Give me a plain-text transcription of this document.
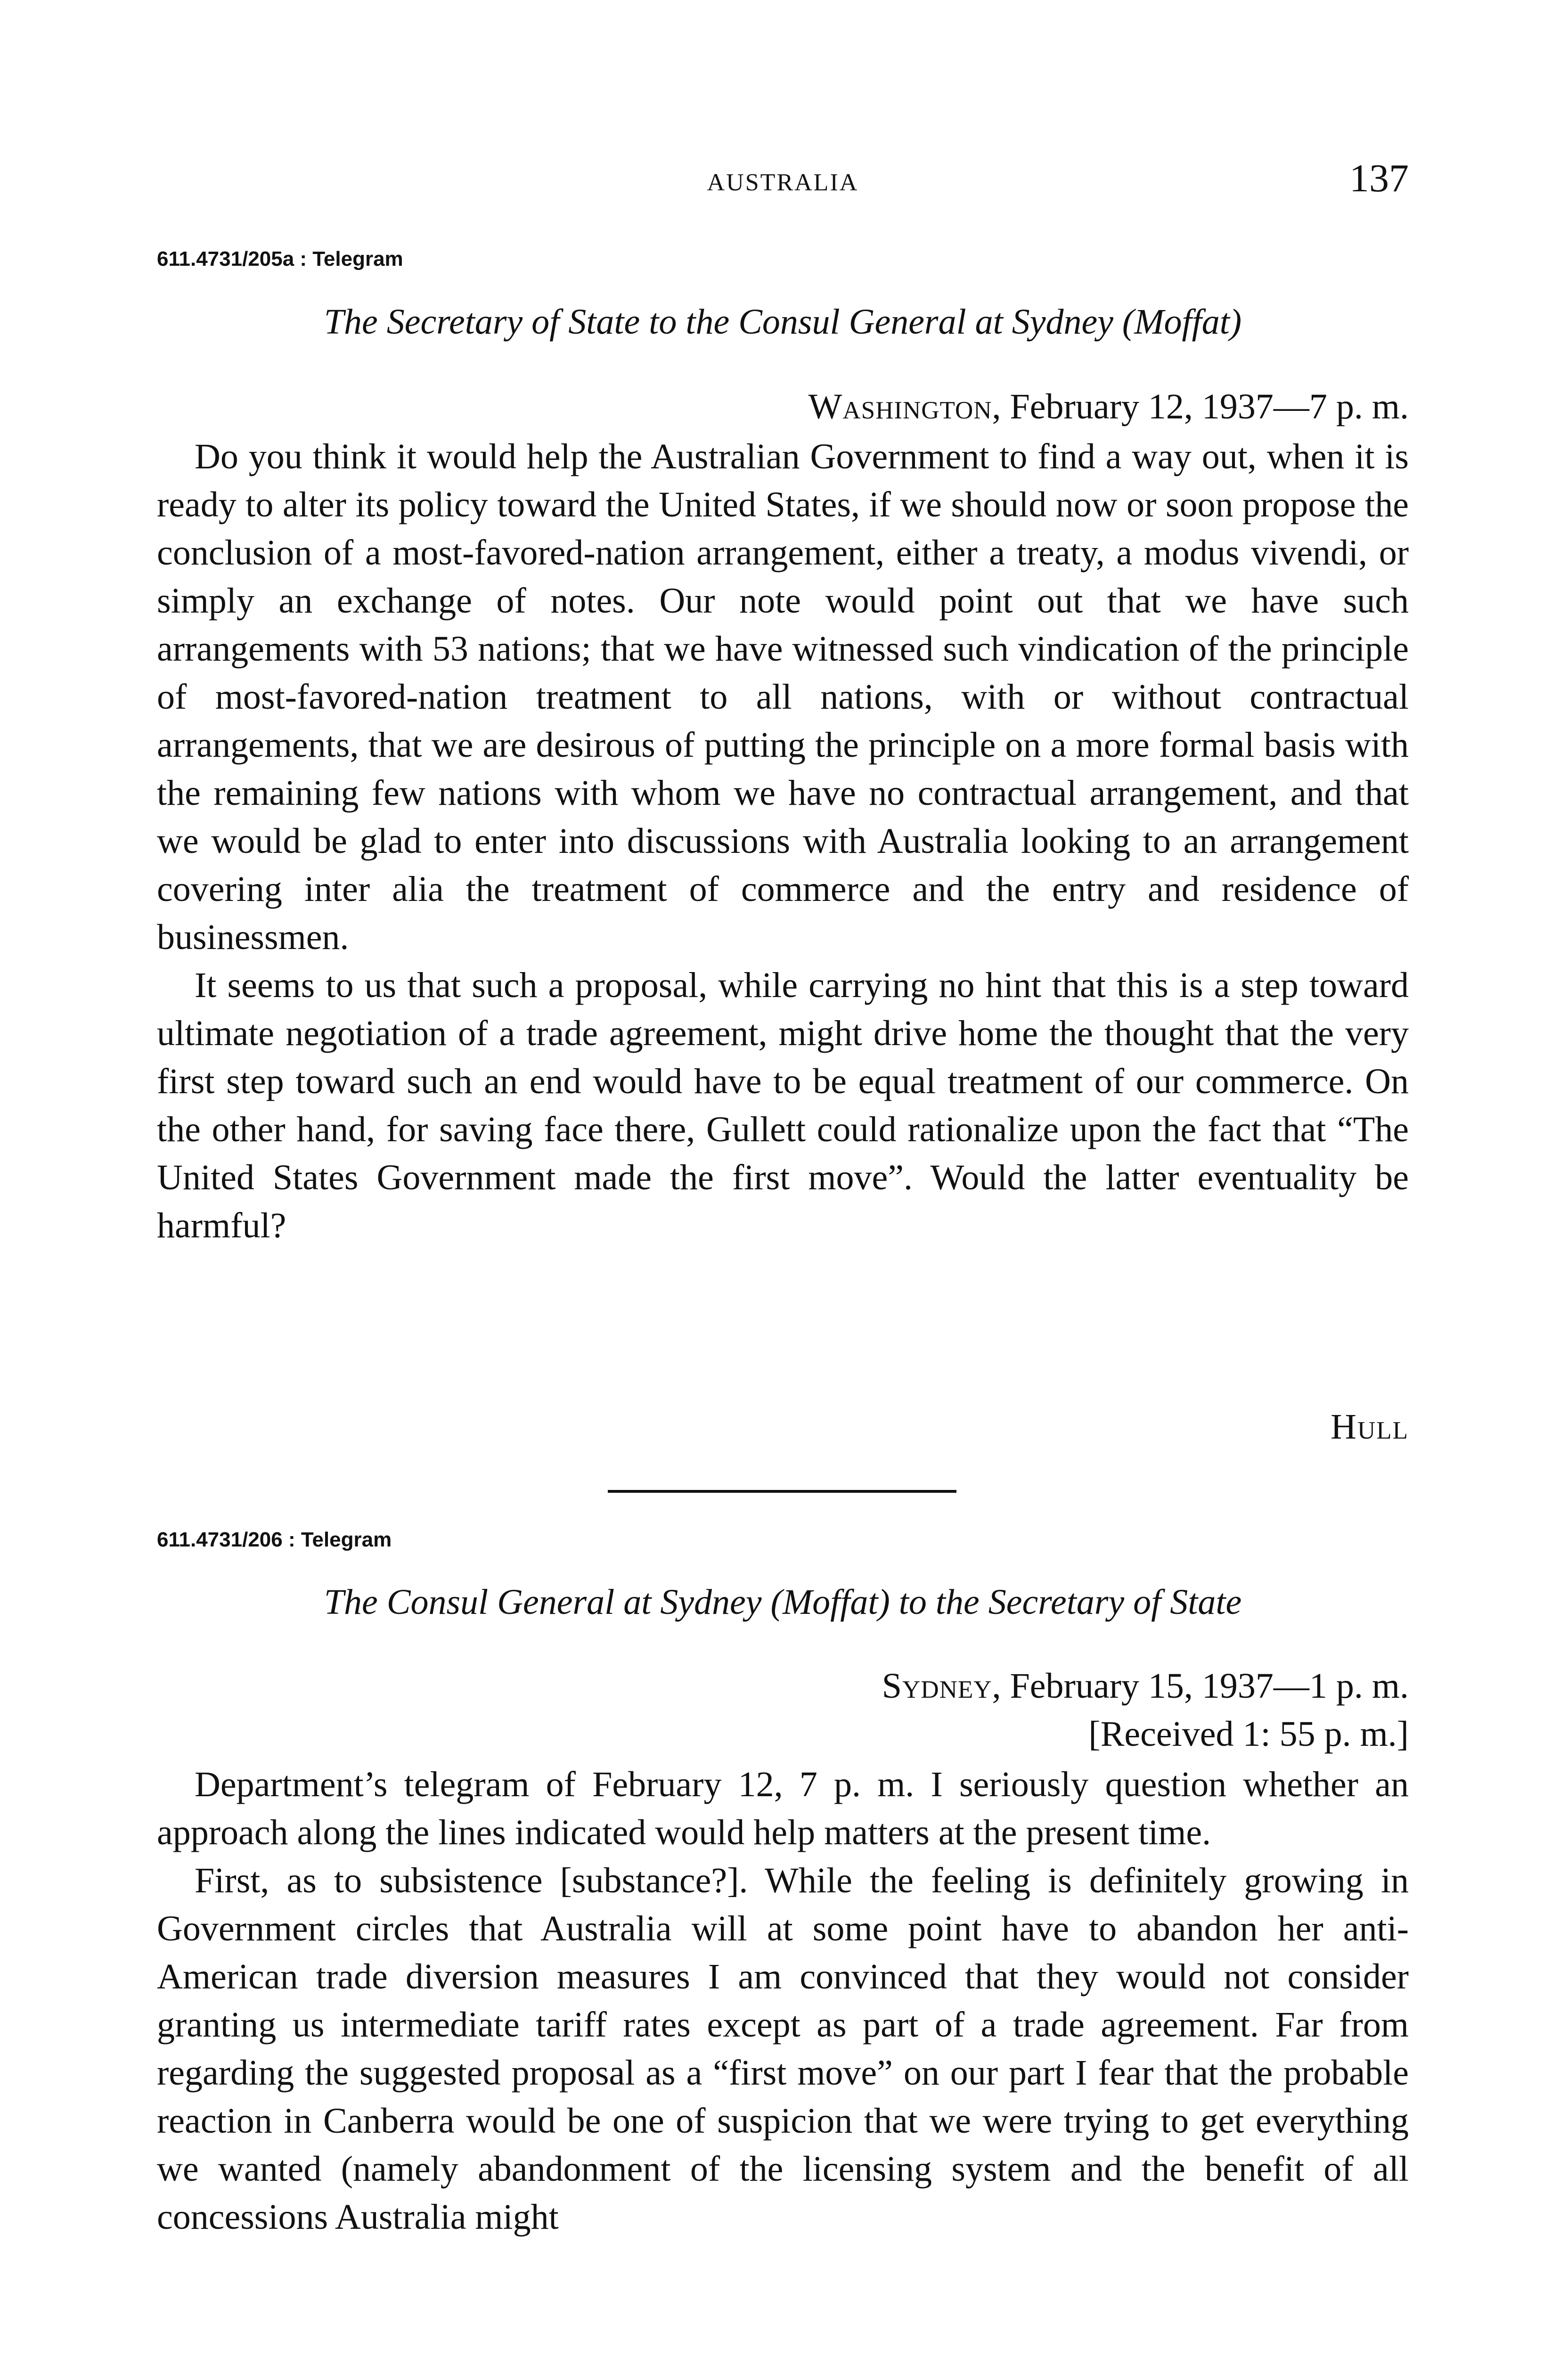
AUSTRALIA	137
611.4731/205a : Telegram
The Secretary of State to the Consul General at Sydney (Moffat)
Washington, February 12, 1937—7 p. m.

Do you think it would help the Australian Government to find a way out, when it is ready to alter its policy toward the United States, if we should now or soon propose the conclusion of a most-favored-nation arrangement, either a treaty, a modus vivendi, or simply an exchange of notes. Our note would point out that we have such arrangements with 53 nations; that we have witnessed such vindication of the principle of most-favored-nation treatment to all nations, with or without contractual arrangements, that we are desirous of putting the principle on a more formal basis with the remaining few nations with whom we have no contractual arrangement, and that we would be glad to enter into discussions with Australia looking to an arrangement covering inter alia the treatment of commerce and the entry and residence of businessmen.

It seems to us that such a proposal, while carrying no hint that this is a step toward ultimate negotiation of a trade agreement, might drive home the thought that the very first step toward such an end would have to be equal treatment of our commerce. On the other hand, for saving face there, Gullett could rationalize upon the fact that “The United States Government made the first move”. Would the latter eventuality be harmful?

Hull
611.4731/206 : Telegram
The Consul General at Sydney (Moffat) to the Secretary of State
Sydney, February 15, 1937—1 p. m.
[Received 1: 55 p. m.]

Department’s telegram of February 12, 7 p. m. I seriously question whether an approach along the lines indicated would help matters at the present time.

First, as to subsistence [substance?]. While the feeling is definitely growing in Government circles that Australia will at some point have to abandon her anti-American trade diversion measures I am convinced that they would not consider granting us intermediate tariff rates except as part of a trade agreement. Far from regarding the suggested proposal as a “first move” on our part I fear that the probable reaction in Canberra would be one of suspicion that we were trying to get everything we wanted (namely abandonment of the licensing system and the benefit of all concessions Australia might
